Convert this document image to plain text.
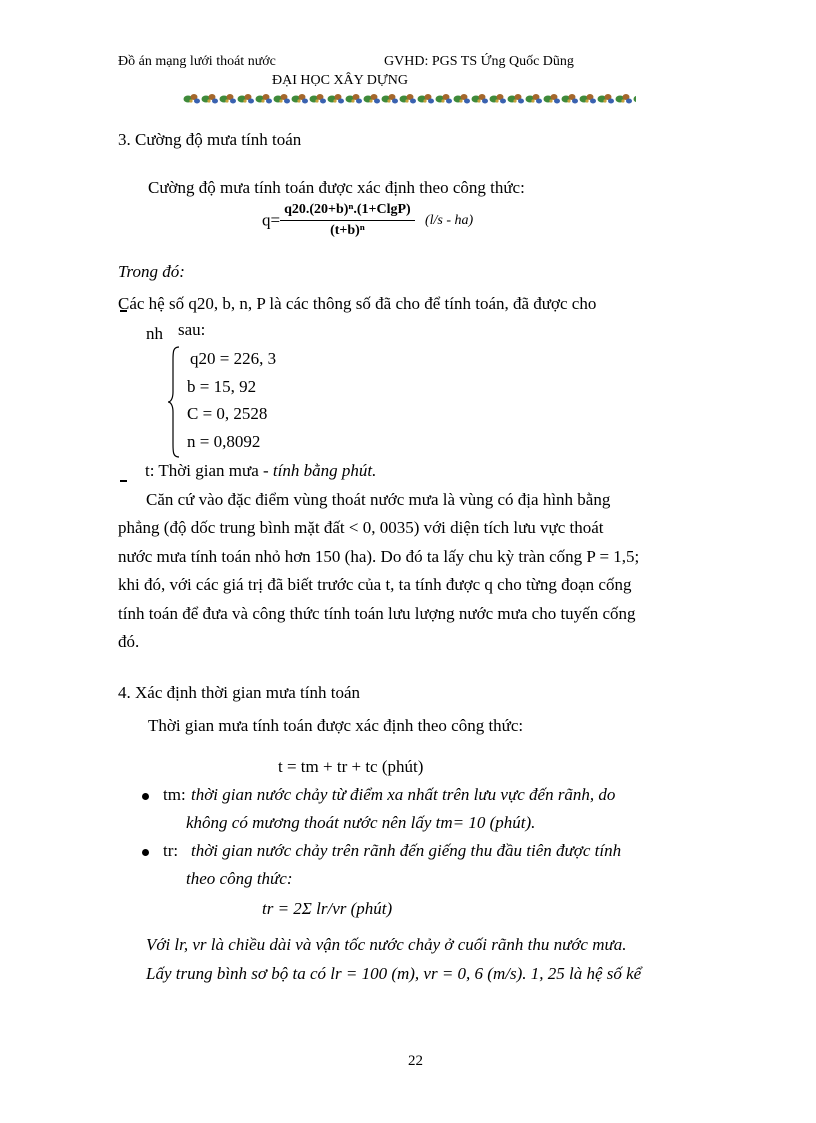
Đồ án mạng lưới thoát nước	GVHD: PGS TS Ứng Quốc Dũng
ĐẠI HỌC XÂY DỰNG
3. Cường độ mưa tính toán
Cường độ mưa tính toán được xác định theo công thức:
$q= \frac{\text{q20.(20+b)ⁿ.(1+ClgP)}}{\text{(t+b)ⁿ}} (l/s - ha)$
Trong đó:
Các hệ số q20, b, n, P là các thông số đã cho để tính toán, đã được cho
nh sau:
q20 = 226, 3
b = 15, 92
C = 0, 2528
n = 0,8092
t: Thời gian mưa - tính bằng phút.
Căn cứ vào đặc điểm vùng thoát nước mưa là vùng có địa hình bằng
phẳng (độ dốc trung bình mặt đất < 0, 0035) với diện tích lưu vực thoát
nước mưa tính toán nhỏ hơn 150 (ha). Do đó ta lấy chu kỳ tràn cống P = 1,5;
khi đó, với các giá trị đã biết trước của t, ta tính được q cho từng đoạn cống
tính toán để đưa và công thức tính toán lưu lượng nước mưa cho tuyến cống
đó.
4. Xác định thời gian mưa tính toán
Thời gian mưa tính toán được xác định theo công thức:
t = tm + tr + tc (phút)
tm: thời gian nước chảy từ điểm xa nhất trên lưu vực đến rãnh, do
không có mương thoát nước nên lấy tm= 10 (phút).
tr: thời gian nước chảy trên rãnh đến giếng thu đầu tiên được tính
theo công thức:
tr = 2Σ lr/vr (phút)
Với lr, vr là chiều dài và vận tốc nước chảy ở cuối rãnh thu nước mưa.
Lấy trung bình sơ bộ ta có lr = 100 (m), vr = 0, 6 (m/s). 1, 25 là hệ số kể
22
